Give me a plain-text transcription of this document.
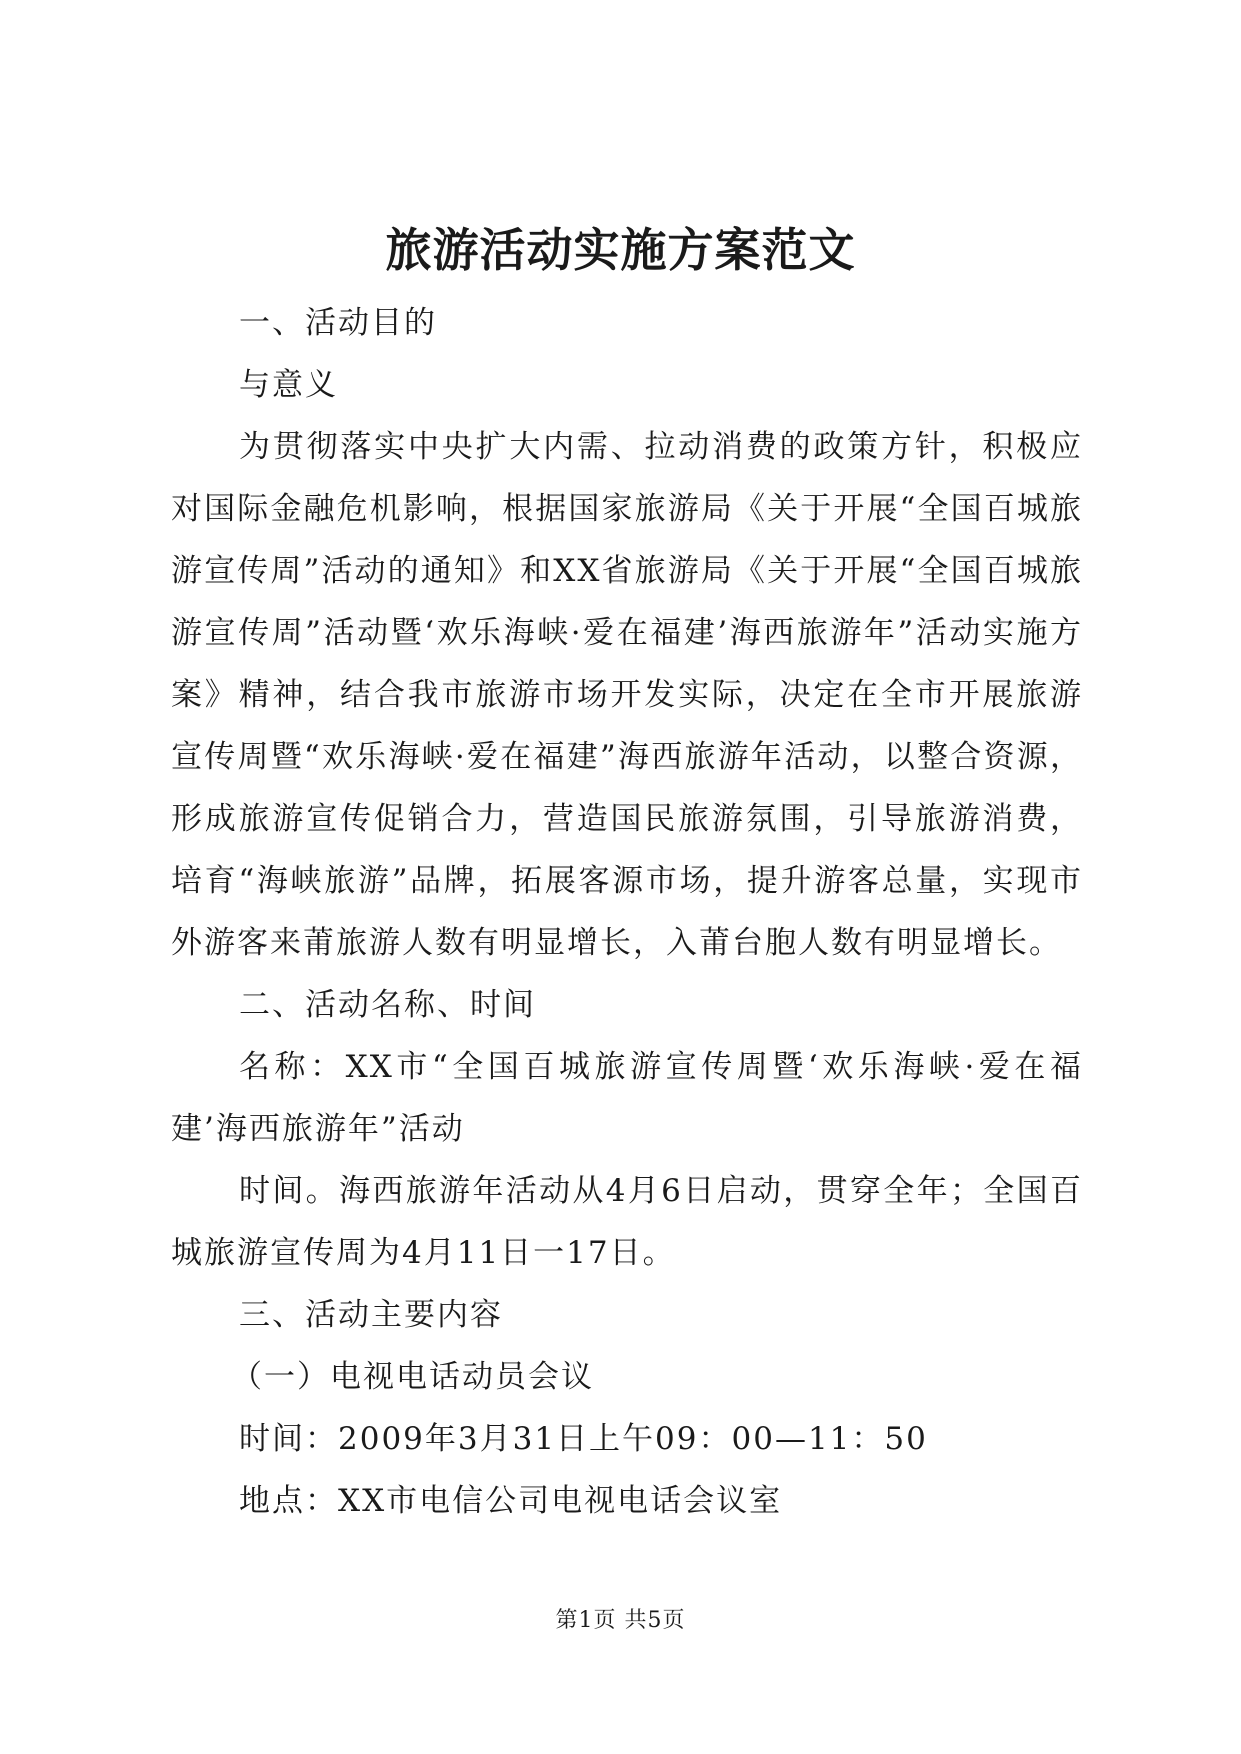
旅游活动实施方案范文

一、活动目的

与意义

为贯彻落实中央扩大内需、拉动消费的政策方针，积极应对国际金融危机影响，根据国家旅游局《关于开展“全国百城旅游宣传周”活动的通知》和XX省旅游局《关于开展“全国百城旅游宣传周”活动暨‘欢乐海峡·爱在福建’海西旅游年”活动实施方案》精神，结合我市旅游市场开发实际，决定在全市开展旅游宣传周暨“欢乐海峡·爱在福建”海西旅游年活动，以整合资源，形成旅游宣传促销合力，营造国民旅游氛围，引导旅游消费，培育“海峡旅游”品牌，拓展客源市场，提升游客总量，实现市外游客来莆旅游人数有明显增长，入莆台胞人数有明显增长。

二、活动名称、时间

名称：XX市“全国百城旅游宣传周暨‘欢乐海峡·爱在福建’海西旅游年”活动

时间。海西旅游年活动从4月6日启动，贯穿全年；全国百城旅游宣传周为4月11日一17日。

三、活动主要内容

（一）电视电话动员会议

时间：2009年3月31日上午09：00—11：50

地点：XX市电信公司电视电话会议室

第1页 共5页
